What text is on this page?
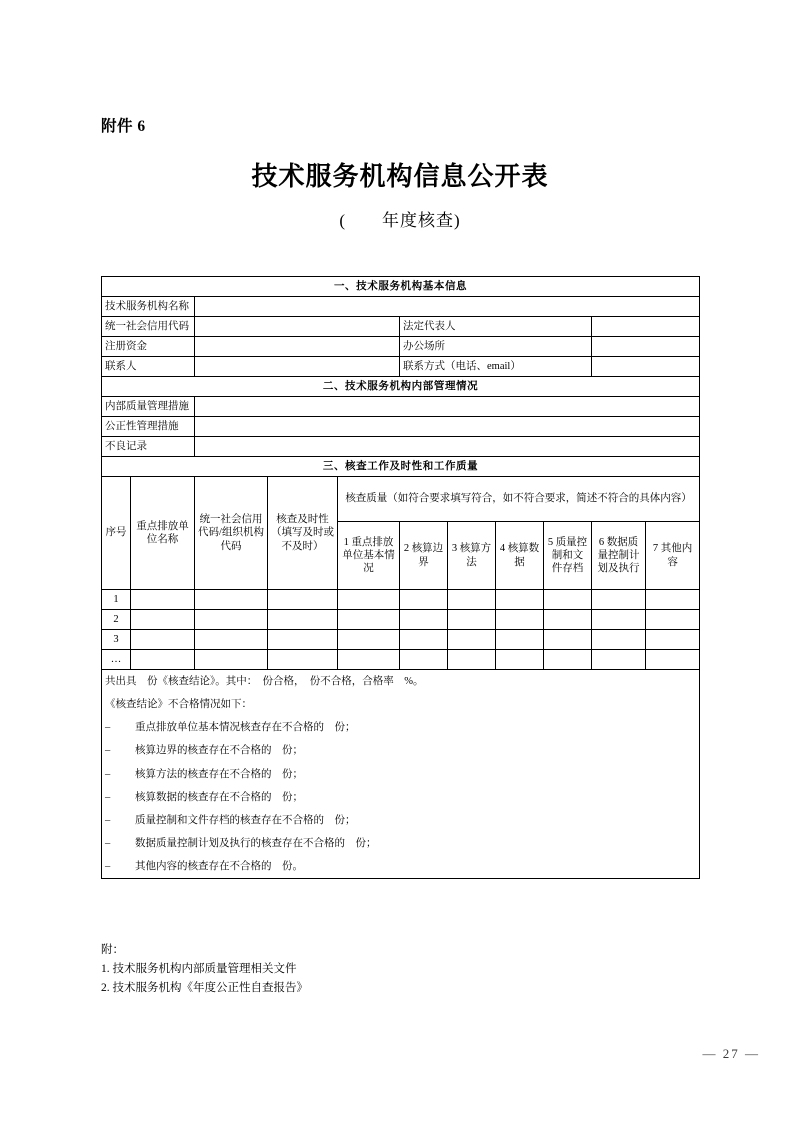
附件 6
技术服务机构信息公开表
(　　年度核查)
一、技术服务机构基本信息										
技术服务机构名称										
统一社会信用代码					法定代表人					
注册资金					办公场所					
联系人					联系方式（电话、email）					
二、技术服务机构内部管理情况										
内部质量管理措施										
公正性管理措施										
不良记录										
三、核查工作及时性和工作质量										
序号	重点排放单位名称	统一社会信用代码/组织机构代码	核查及时性（填写及时或不及时）	核查质量（如符合要求填写符合，如不符合要求，简述不符合的具体内容）						
				1 重点排放单位基本情况	2 核算边界	3 核算方法	4 核算数据	5 质量控制和文件存档	6 数据质量控制计划及执行	7 其他内容
1										
2										
3										
…										

共出具　份《核查结论》。其中：　份合格，　份不合格，合格率　%。
《核查结论》不合格情况如下：
–	重点排放单位基本情况核查存在不合格的　份；
–	核算边界的核查存在不合格的　份；
–	核算方法的核查存在不合格的　份；
–	核算数据的核查存在不合格的　份；
–	质量控制和文件存档的核查存在不合格的　份；
–	数据质量控制计划及执行的核查存在不合格的　份；
–	其他内容的核查存在不合格的　份。
附：
1. 技术服务机构内部质量管理相关文件
2. 技术服务机构《年度公正性自查报告》
— 27 —
